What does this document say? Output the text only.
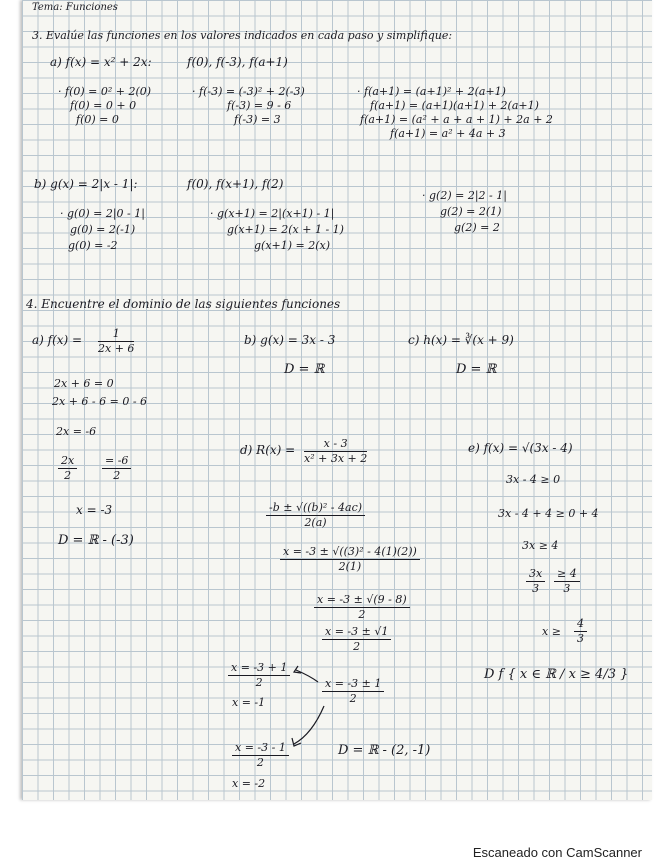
Tema: Funciones
3. Evalúe las funciones en los valores indicados en cada paso y simplifique:
a) f(x) = x² + 2x:	f(0), f(-3), f(a+1)
· f(0) = 0² + 2(0)
f(0) = 0 + 0
f(0) = 0
· f(-3) = (-3)² + 2(-3)
f(-3) = 9 - 6
f(-3) = 3
· f(a+1) = (a+1)² + 2(a+1)
f(a+1) = (a+1)(a+1) + 2(a+1)
f(a+1) = (a² + a + a + 1) + 2a + 2
f(a+1) = a² + 4a + 3
b) g(x) = 2|x - 1|:	f(0), f(x+1), f(2)
· g(0) = 2|0 - 1|
g(0) = 2(-1)
g(0) = -2
· g(x+1) = 2|(x+1) - 1|
g(x+1) = 2(x + 1 - 1)
g(x+1) = 2(x)
· g(2) = 2|2 - 1|
g(2) = 2(1)
g(2) = 2
4. Encuentre el dominio de las siguientes funciones
a) $f(x) = \frac{1}{2x + 6}$
2x + 6 = 0
2x + 6 - 6 = 0 - 6
2x = -6
$\frac{2x}{2} \frac{= -6}{2}$
x = -3
D = ℝ - (-3)
b) g(x) = 3x - 3
D = ℝ
c) h(x) = ∛(x + 9)
D = ℝ
d) $R(x) = \frac{x - 3}{\text{x² + 3x + 2}}$
$\frac{\text{-b ± √((b)² - 4ac)}}{2(a)}$
$\frac{\text{x = -3 ± √((3)² - 4(1)(2))}}{2(1)}$
$\frac{x = -3 \pm √(9 - 8)}{2}$
$\frac{x = -3 \pm √1}{2}$
$\frac{x = -3 + 1}{2}$
x = -1	$\frac{x = -3 \pm 1}{2}$
$\frac{x = -3 - 1}{2}$
x = -2
D = ℝ - (2, -1)
e) f(x) = √(3x - 4)
3x - 4 ≥ 0
3x - 4 + 4 ≥ 0 + 4
3x ≥ 4
$\frac{3x}{3} \frac{\ge 4}{3}$
$x \ge \frac{4}{3}$
D f { x ∈ ℝ / x ≥ 4/3 }
Escaneado con CamScanner
